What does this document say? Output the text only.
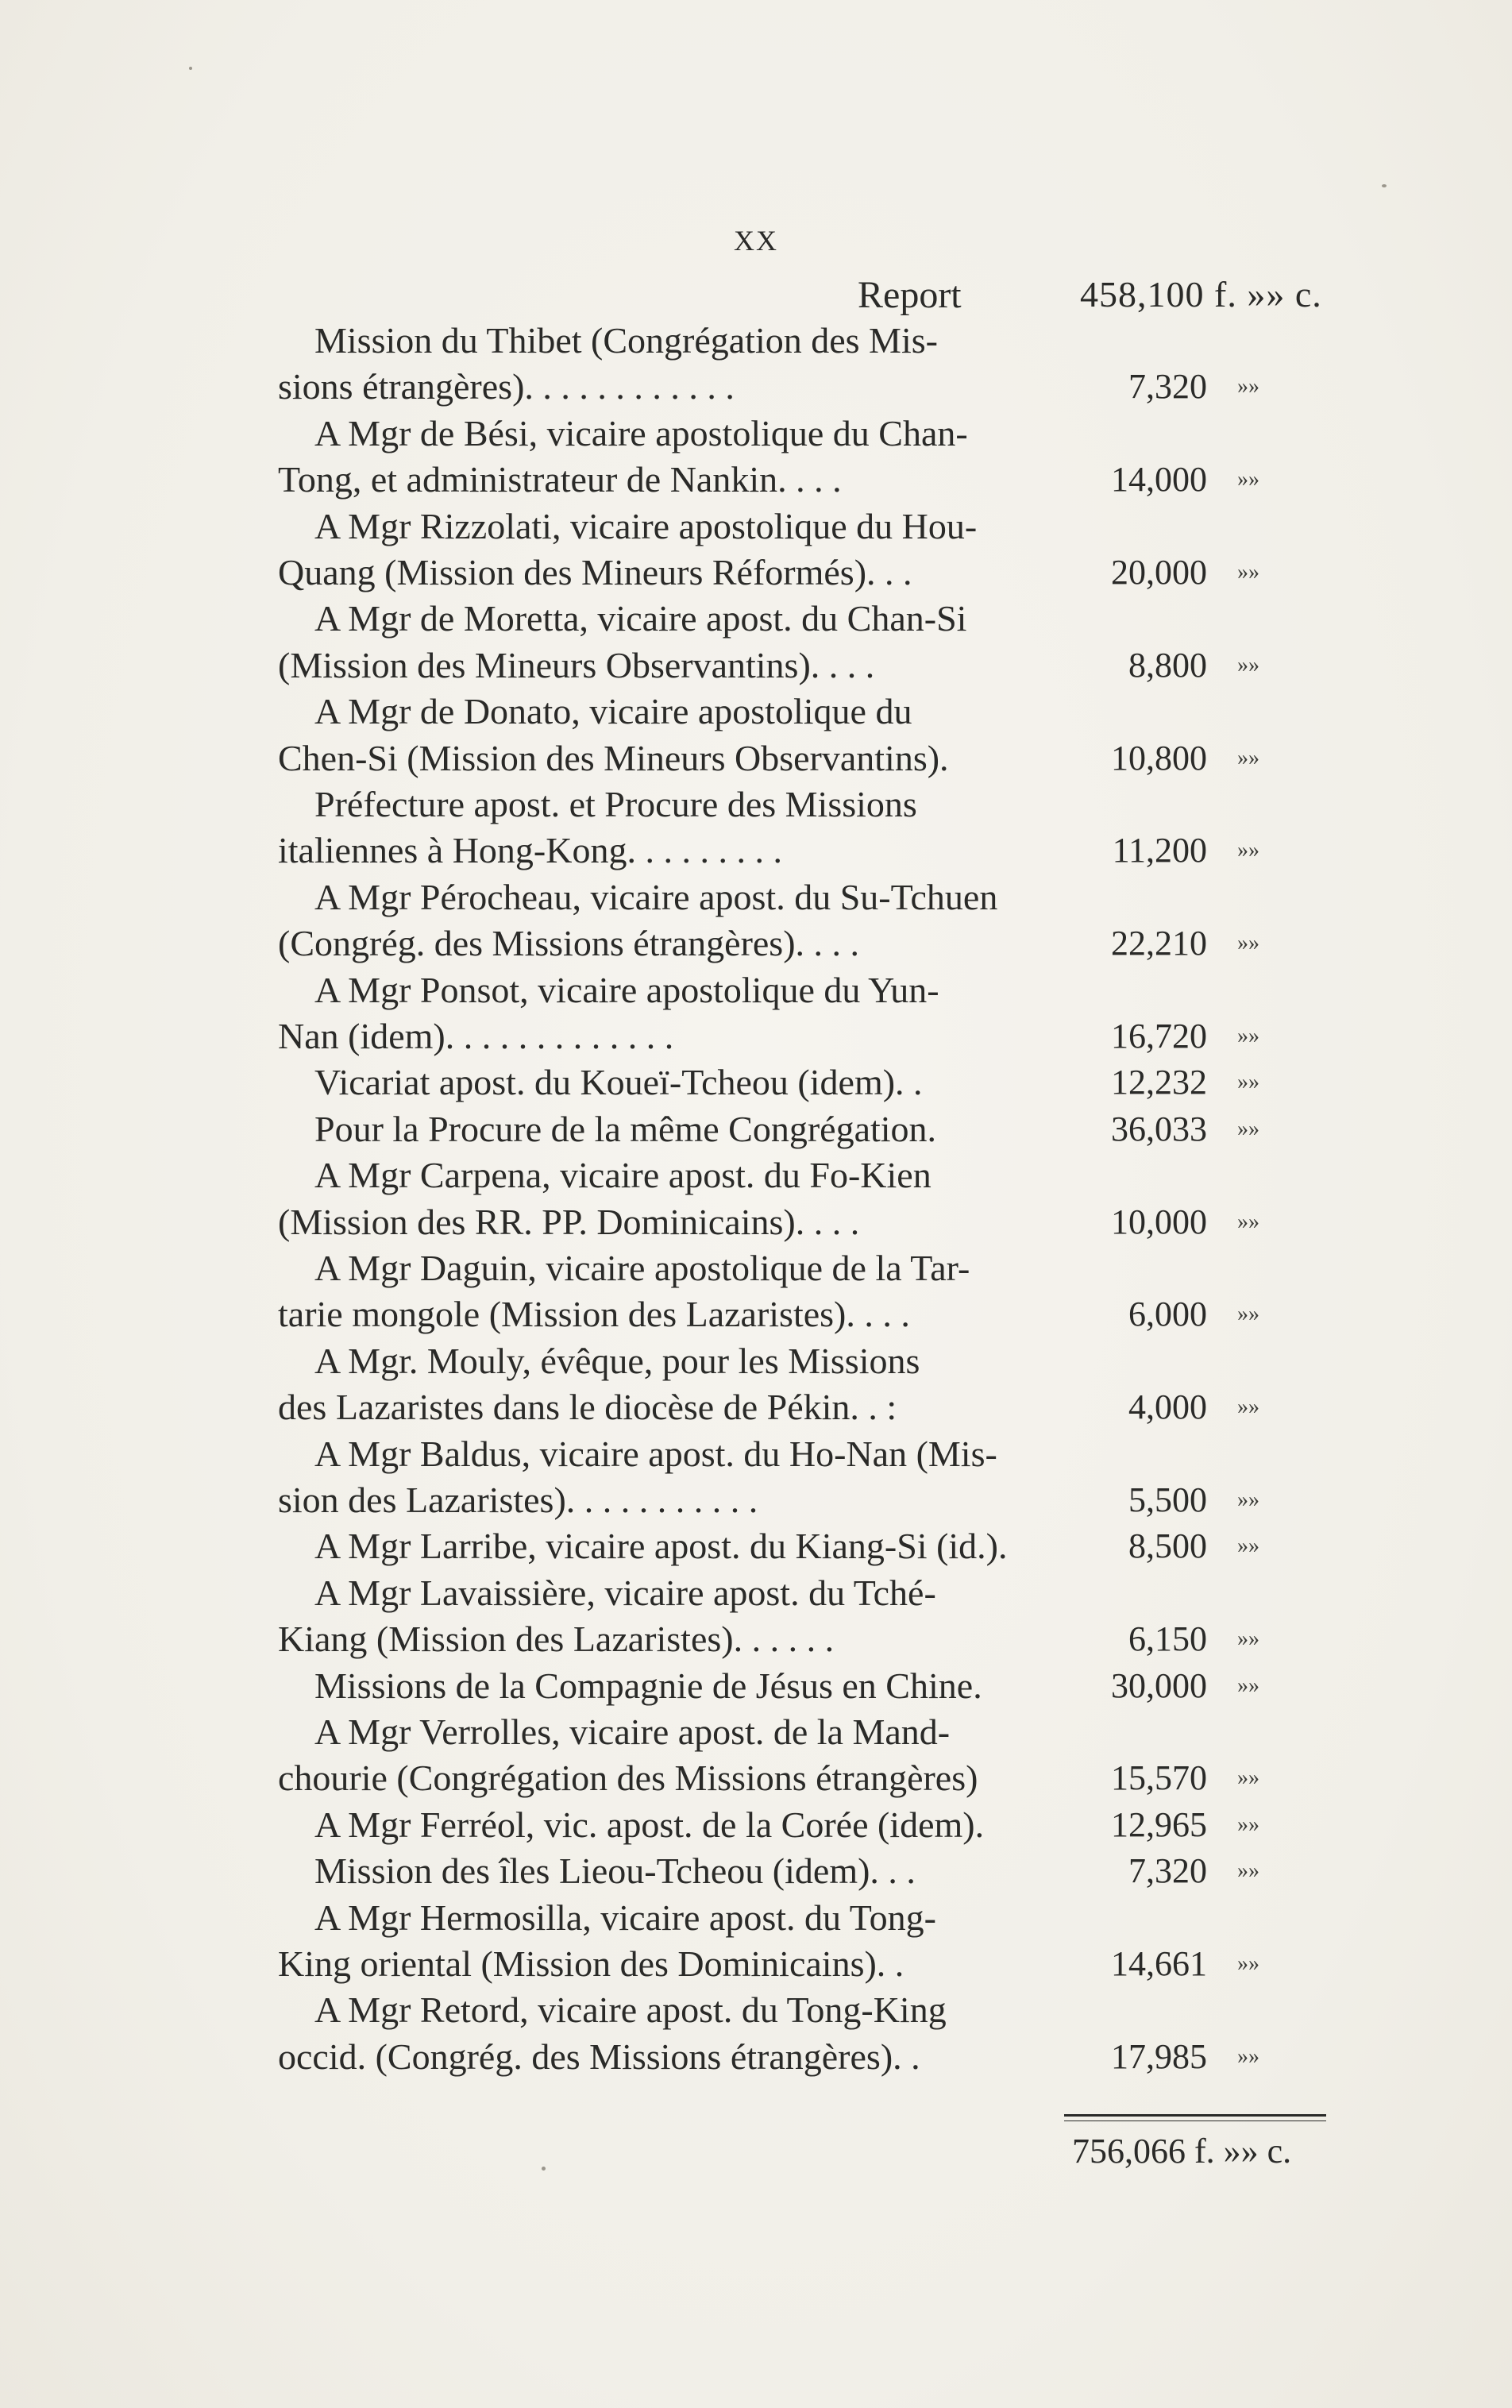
XX
Report	458,100 f. »» c.
Mission du Thibet (Congrégation des Mis-
sions étrangères). . . . . . . . . . . .	7,320 »»
A Mgr de Bési, vicaire apostolique du Chan-
Tong, et administrateur de Nankin. . . .	14,000 »»
A Mgr Rizzolati, vicaire apostolique du Hou-
Quang (Mission des Mineurs Réformés). . .	20,000 »»
A Mgr de Moretta, vicaire apost. du Chan-Si
(Mission des Mineurs Observantins). . . .	8,800 »»
A Mgr de Donato, vicaire apostolique du
Chen-Si (Mission des Mineurs Observantins).	10,800 »»
Préfecture apost. et Procure des Missions
italiennes à Hong-Kong. . . . . . . . .	11,200 »»
A Mgr Pérocheau, vicaire apost. du Su-Tchuen
(Congrég. des Missions étrangères). . . .	22,210 »»
A Mgr Ponsot, vicaire apostolique du Yun-
Nan (idem). . . . . . . . . . . . .	16,720 »»
Vicariat apost. du Koueï-Tcheou (idem). .	12,232 »»
Pour la Procure de la même Congrégation.	36,033 »»
A Mgr Carpena, vicaire apost. du Fo-Kien
(Mission des RR. PP. Dominicains). . . .	10,000 »»
A Mgr Daguin, vicaire apostolique de la Tar-
tarie mongole (Mission des Lazaristes). . . .	6,000 »»
A Mgr. Mouly, évêque, pour les Missions
des Lazaristes dans le diocèse de Pékin. . :	4,000 »»
A Mgr Baldus, vicaire apost. du Ho-Nan (Mis-
sion des Lazaristes). . . . . . . . . . .	5,500 »»
A Mgr Larribe, vicaire apost. du Kiang-Si (id.).	8,500 »»
A Mgr Lavaissière, vicaire apost. du Tché-
Kiang (Mission des Lazaristes). . . . . .	6,150 »»
Missions de la Compagnie de Jésus en Chine.	30,000 »»
A Mgr Verrolles, vicaire apost. de la Mand-
chourie (Congrégation des Missions étrangères)	15,570 »»
A Mgr Ferréol, vic. apost. de la Corée (idem).	12,965 »»
Mission des îles Lieou-Tcheou (idem). . .	7,320 »»
A Mgr Hermosilla, vicaire apost. du Tong-
King oriental (Mission des Dominicains). .	14,661 »»
A Mgr Retord, vicaire apost. du Tong-King
occid. (Congrég. des Missions étrangères). .	17,985 »»
756,066 f. »» c.
